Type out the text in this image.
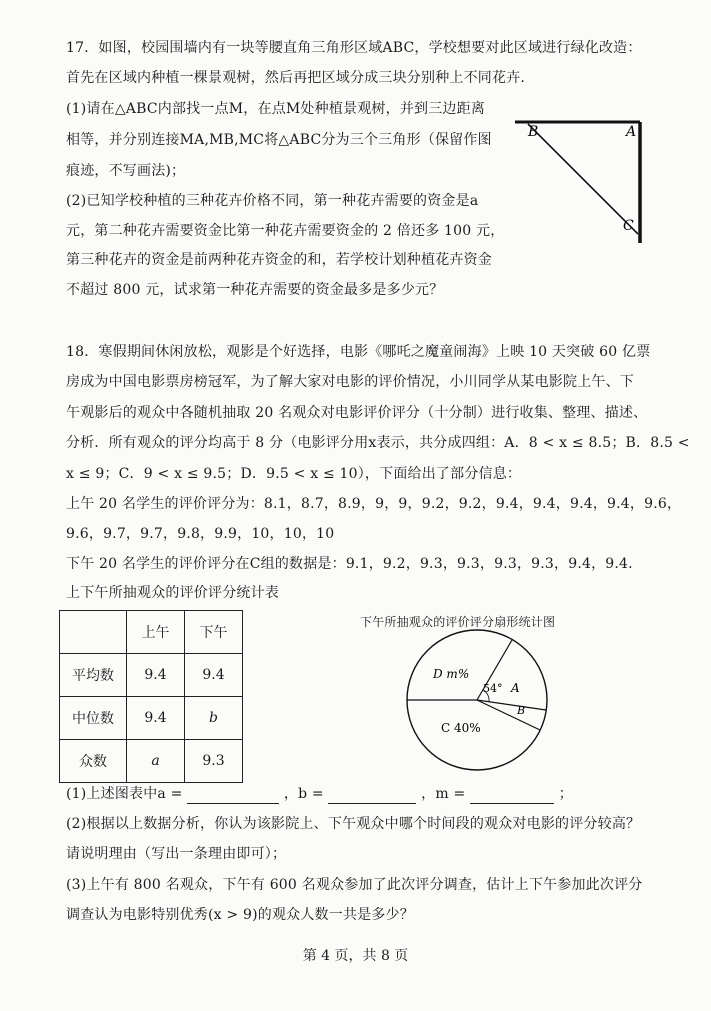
17．如图，校园围墙内有一块等腰直角三角形区域ABC，学校想要对此区域进行绿化改造：
首先在区域内种植一棵景观树，然后再把区域分成三块分别种上不同花卉.
(1)请在△ABC内部找一点M，在点M处种植景观树，并到三边距离
相等，并分别连接MA,MB,MC将△ABC分为三个三角形（保留作图
痕迹，不写画法)；
(2)已知学校种植的三种花卉价格不同，第一种花卉需要的资金是a
元，第二种花卉需要资金比第一种花卉需要资金的 2 倍还多 100 元，
第三种花卉的资金是前两种花卉资金的和，若学校计划种植花卉资金
不超过 800 元，试求第一种花卉需要的资金最多是多少元？
B	A
C
18．寒假期间休闲放松，观影是个好选择，电影《哪吒之魔童闹海》上映 10 天突破 60 亿票
房成为中国电影票房榜冠军，为了解大家对电影的评价情况，小川同学从某电影院上午、下
午观影后的观众中各随机抽取 20 名观众对电影评价评分（十分制）进行收集、整理、描述、
分析．所有观众的评分均高于 8 分（电影评分用x表示，共分成四组：A．8 < x ≤ 8.5；B．8.5 <
x ≤ 9；C．9 < x ≤ 9.5；D．9.5 < x ≤ 10），下面给出了部分信息：
上午 20 名学生的评价评分为：8.1，8.7，8.9，9，9，9.2，9.2，9.4，9.4，9.4，9.4，9.6，
9.6，9.7，9.7，9.8，9.9，10，10，10
下午 20 名学生的评价评分在C组的数据是：9.1，9.2，9.3，9.3，9.3，9.3，9.4，9.4.
上下午所抽观众的评价评分统计表
	上午	下午
平均数	9.4	9.4
中位数	9.4	b
众数	a	9.3
下午所抽观众的评价评分扇形统计图
D m%
54° A
B
C 40%
(1)上述图表中a =	，b =	，m =	；
(2)根据以上数据分析，你认为该影院上、下午观众中哪个时间段的观众对电影的评分较高？
请说明理由（写出一条理由即可）；
(3)上午有 800 名观众，下午有 600 名观众参加了此次评分调查，估计上下午参加此次评分
调查认为电影特别优秀(x > 9)的观众人数一共是多少？
第 4 页，共 8 页
